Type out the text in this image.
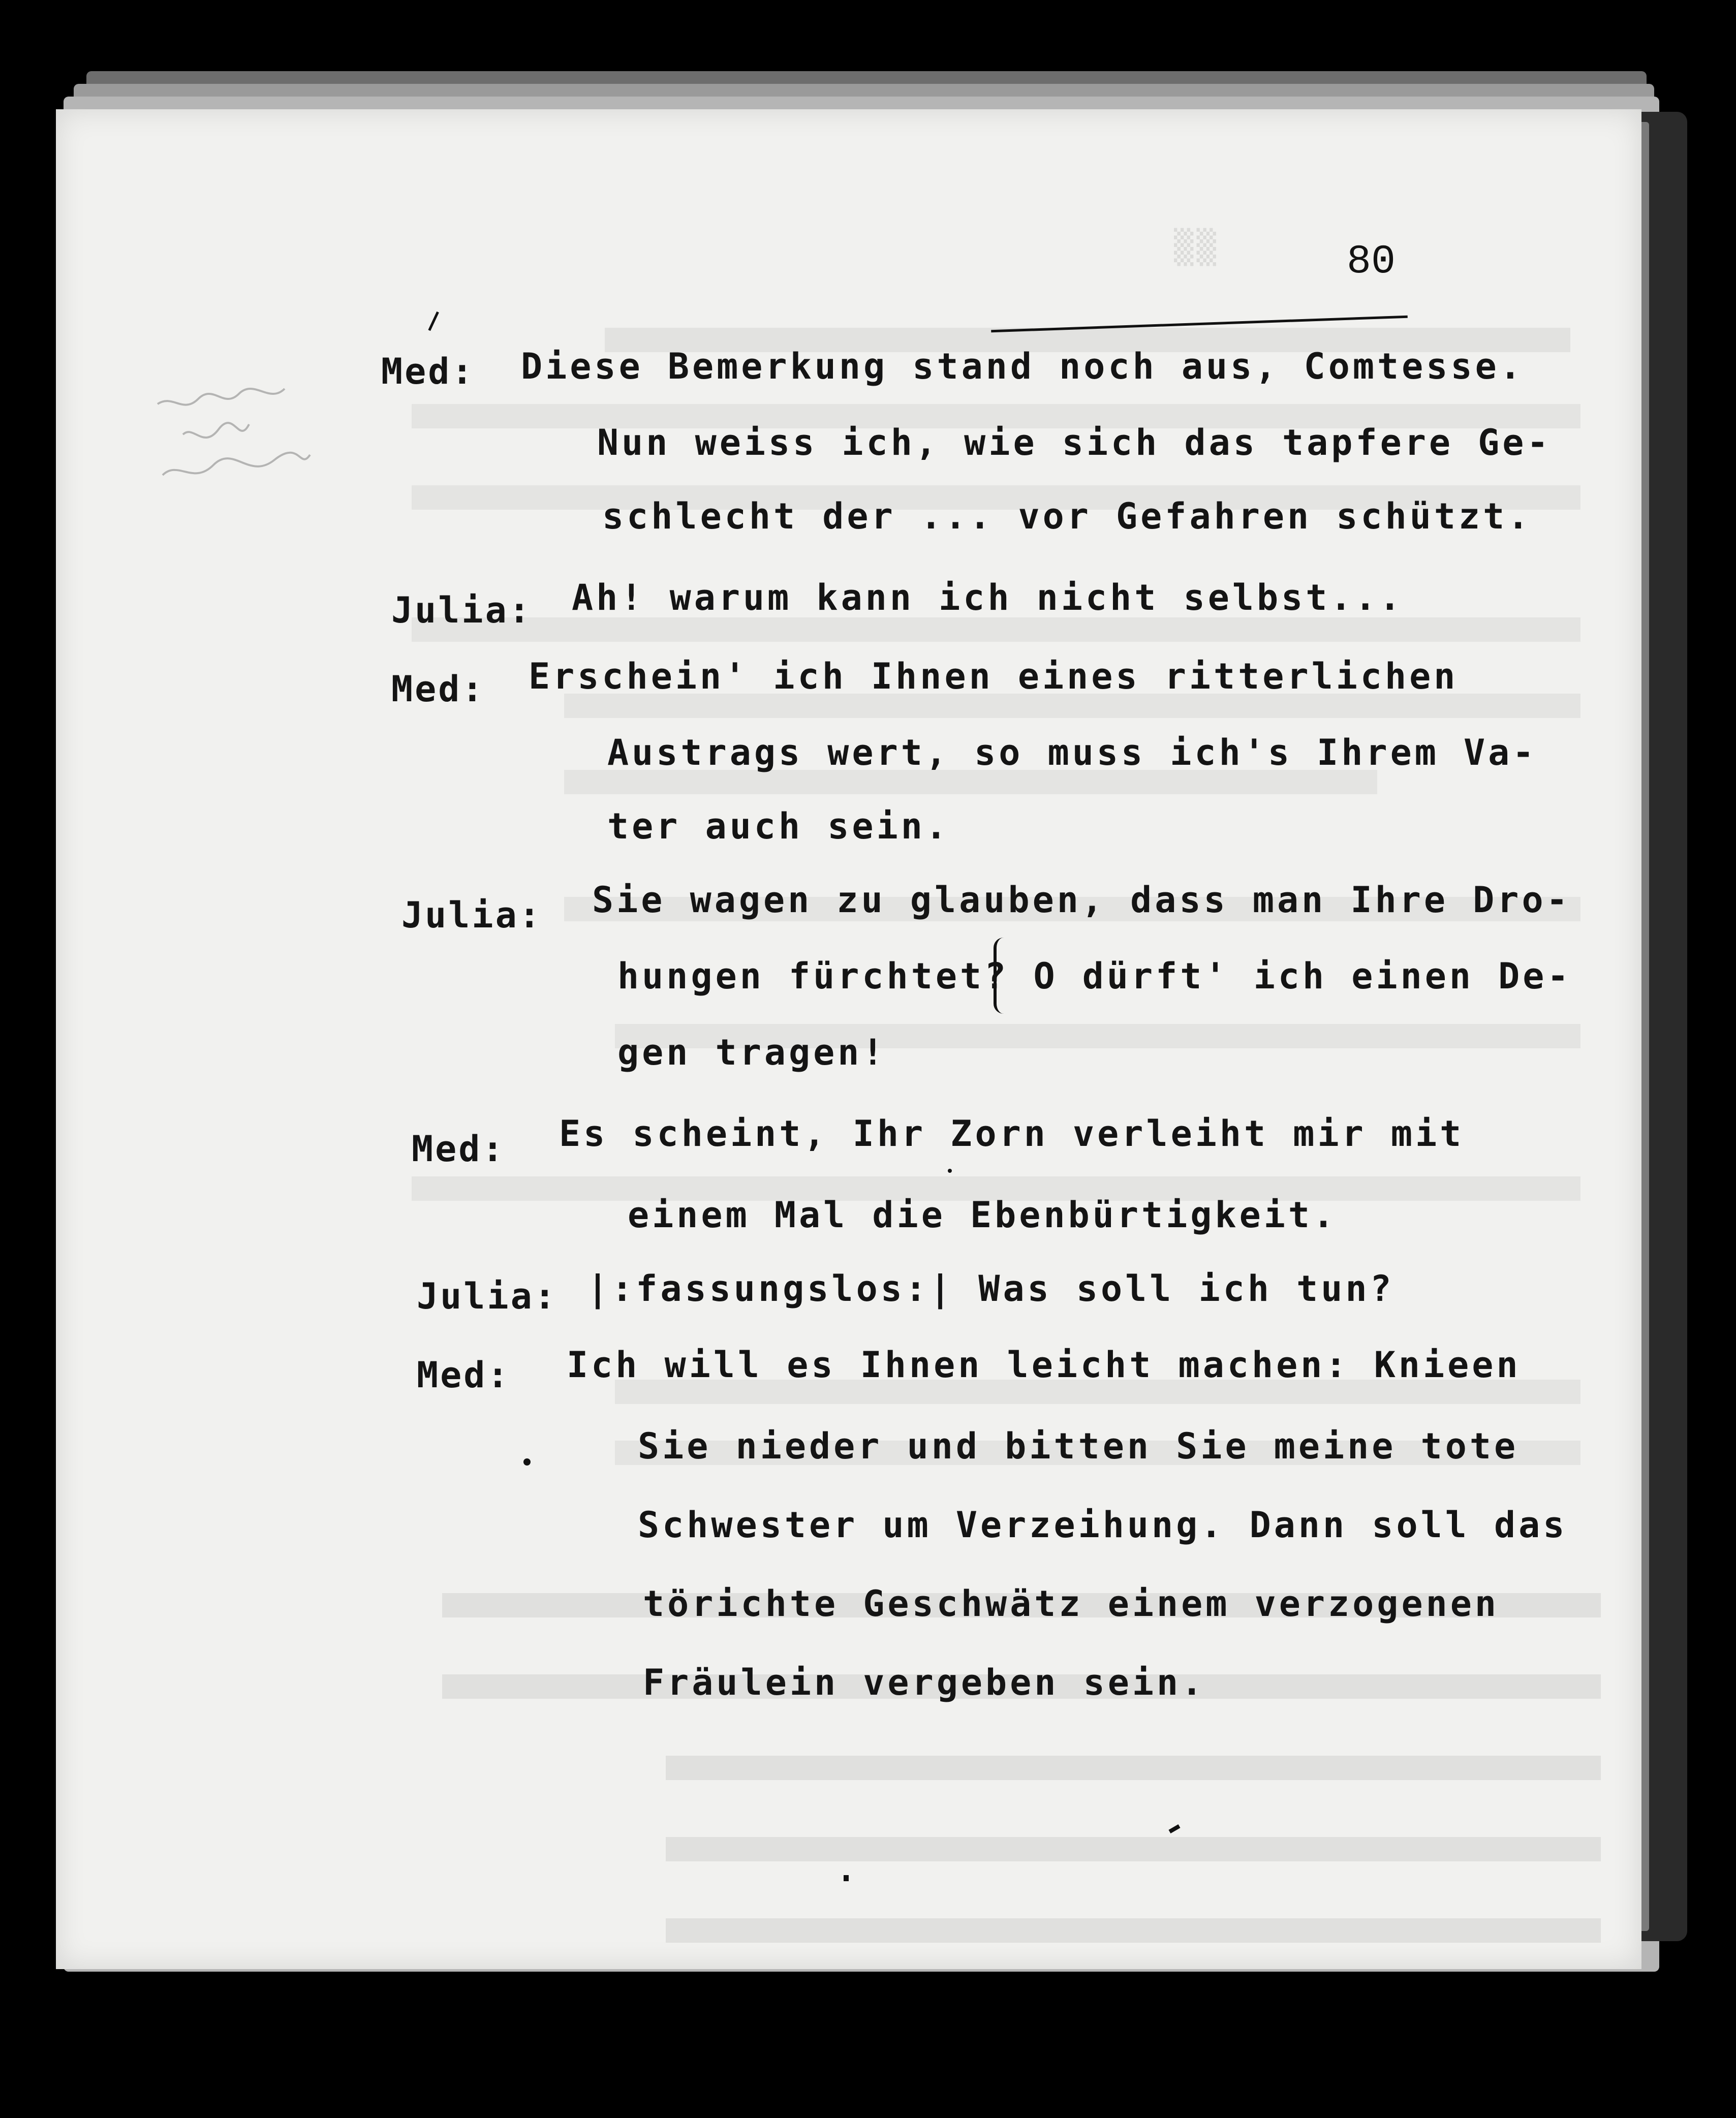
▒▒	80
Med: Diese Bemerkung stand noch aus, Comtesse.
Nun weiss ich, wie sich das tapfere Ge-
schlecht der ... vor Gefahren schützt.
Julia: Ah! warum kann ich nicht selbst...
Med: Erschein' ich Ihnen eines ritterlichen
Austrags wert, so muss ich's Ihrem Va-
ter auch sein.
Julia: Sie wagen zu glauben, dass man Ihre Dro-
hungen fürchtet? O dürft' ich einen De-
gen tragen!
Med: Es scheint, Ihr Zorn verleiht mir mit
einem Mal die Ebenbürtigkeit.
Julia: |:fassungslos:| Was soll ich tun?
Med: Ich will es Ihnen leicht machen: Knieen
Sie nieder und bitten Sie meine tote
Schwester um Verzeihung. Dann soll das
törichte Geschwätz einem verzogenen
Fräulein vergeben sein.
